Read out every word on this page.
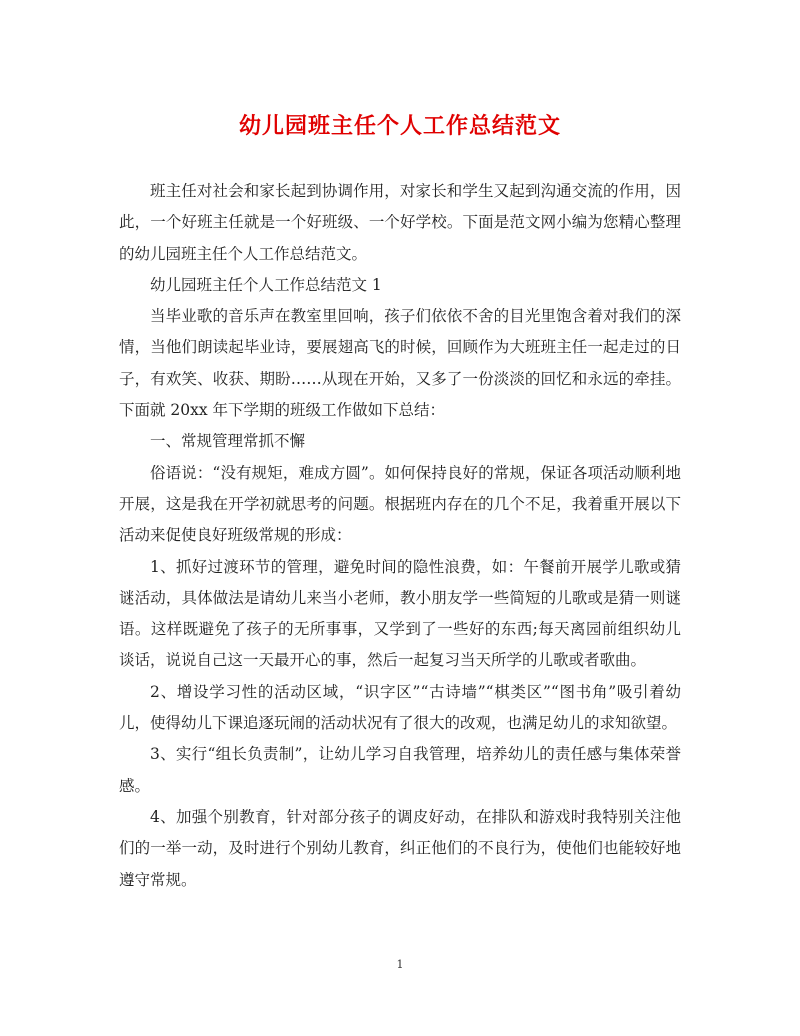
幼儿园班主任个人工作总结范文

班主任对社会和家长起到协调作用，对家长和学生又起到沟通交流的作用，因此，一个好班主任就是一个好班级、一个好学校。下面是范文网小编为您精心整理的幼儿园班主任个人工作总结范文。

幼儿园班主任个人工作总结范文 1

当毕业歌的音乐声在教室里回响，孩子们依依不舍的目光里饱含着对我们的深情，当他们朗读起毕业诗，要展翅高飞的时候，回顾作为大班班主任一起走过的日子，有欢笑、收获、期盼……从现在开始，又多了一份淡淡的回忆和永远的牵挂。下面就 20xx 年下学期的班级工作做如下总结：

一、常规管理常抓不懈

俗语说：“没有规矩，难成方圆”。如何保持良好的常规，保证各项活动顺利地开展，这是我在开学初就思考的问题。根据班内存在的几个不足，我着重开展以下活动来促使良好班级常规的形成：

1、抓好过渡环节的管理，避免时间的隐性浪费，如：午餐前开展学儿歌或猜谜活动，具体做法是请幼儿来当小老师，教小朋友学一些简短的儿歌或是猜一则谜语。这样既避免了孩子的无所事事，又学到了一些好的东西;每天离园前组织幼儿谈话，说说自己这一天最开心的事，然后一起复习当天所学的儿歌或者歌曲。

2、增设学习性的活动区域，“识字区”“古诗墙”“棋类区”“图书角”吸引着幼儿，使得幼儿下课追逐玩闹的活动状况有了很大的改观，也满足幼儿的求知欲望。

3、实行“组长负责制”，让幼儿学习自我管理，培养幼儿的责任感与集体荣誉感。

4、加强个别教育，针对部分孩子的调皮好动，在排队和游戏时我特别关注他们的一举一动，及时进行个别幼儿教育，纠正他们的不良行为，使他们也能较好地遵守常规。

1
